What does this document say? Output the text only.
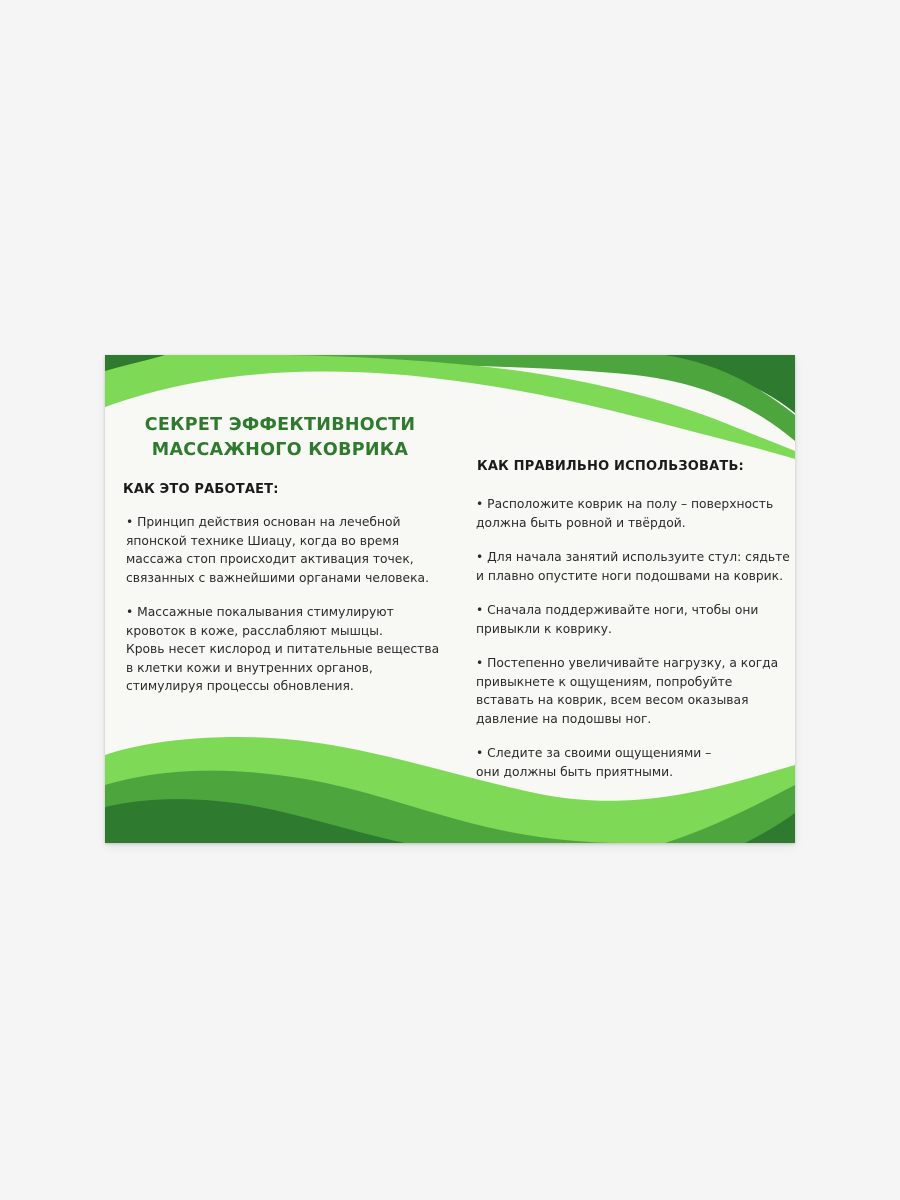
СЕКРЕТ ЭФФЕКТИВНОСТИ
МАССАЖНОГО КОВРИКА
КАК ЭТО РАБОТАЕТ:

• Принцип действия основан на лечебной
японской технике Шиацу, когда во время
массажа стоп происходит активация точек,
связанных с важнейшими органами человека.

• Массажные покалывания стимулируют
кровоток в коже, расслабляют мышцы.
Кровь несет кислород и питательные вещества
в клетки кожи и внутренних органов,
стимулируя процессы обновления.

КАК ПРАВИЛЬНО ИСПОЛЬЗОВАТЬ:

• Расположите коврик на полу – поверхность
должна быть ровной и твёрдой.

• Для начала занятий используите стул: сядьте
и плавно опустите ноги подошвами на коврик.

• Сначала поддерживайте ноги, чтобы они
привыкли к коврику.

• Постепенно увеличивайте нагрузку, а когда
привыкнете к ощущениям, попробуйте
вставать на коврик, всем весом оказывая
давление на подошвы ног.

• Следите за своими ощущениями –
они должны быть приятными.
